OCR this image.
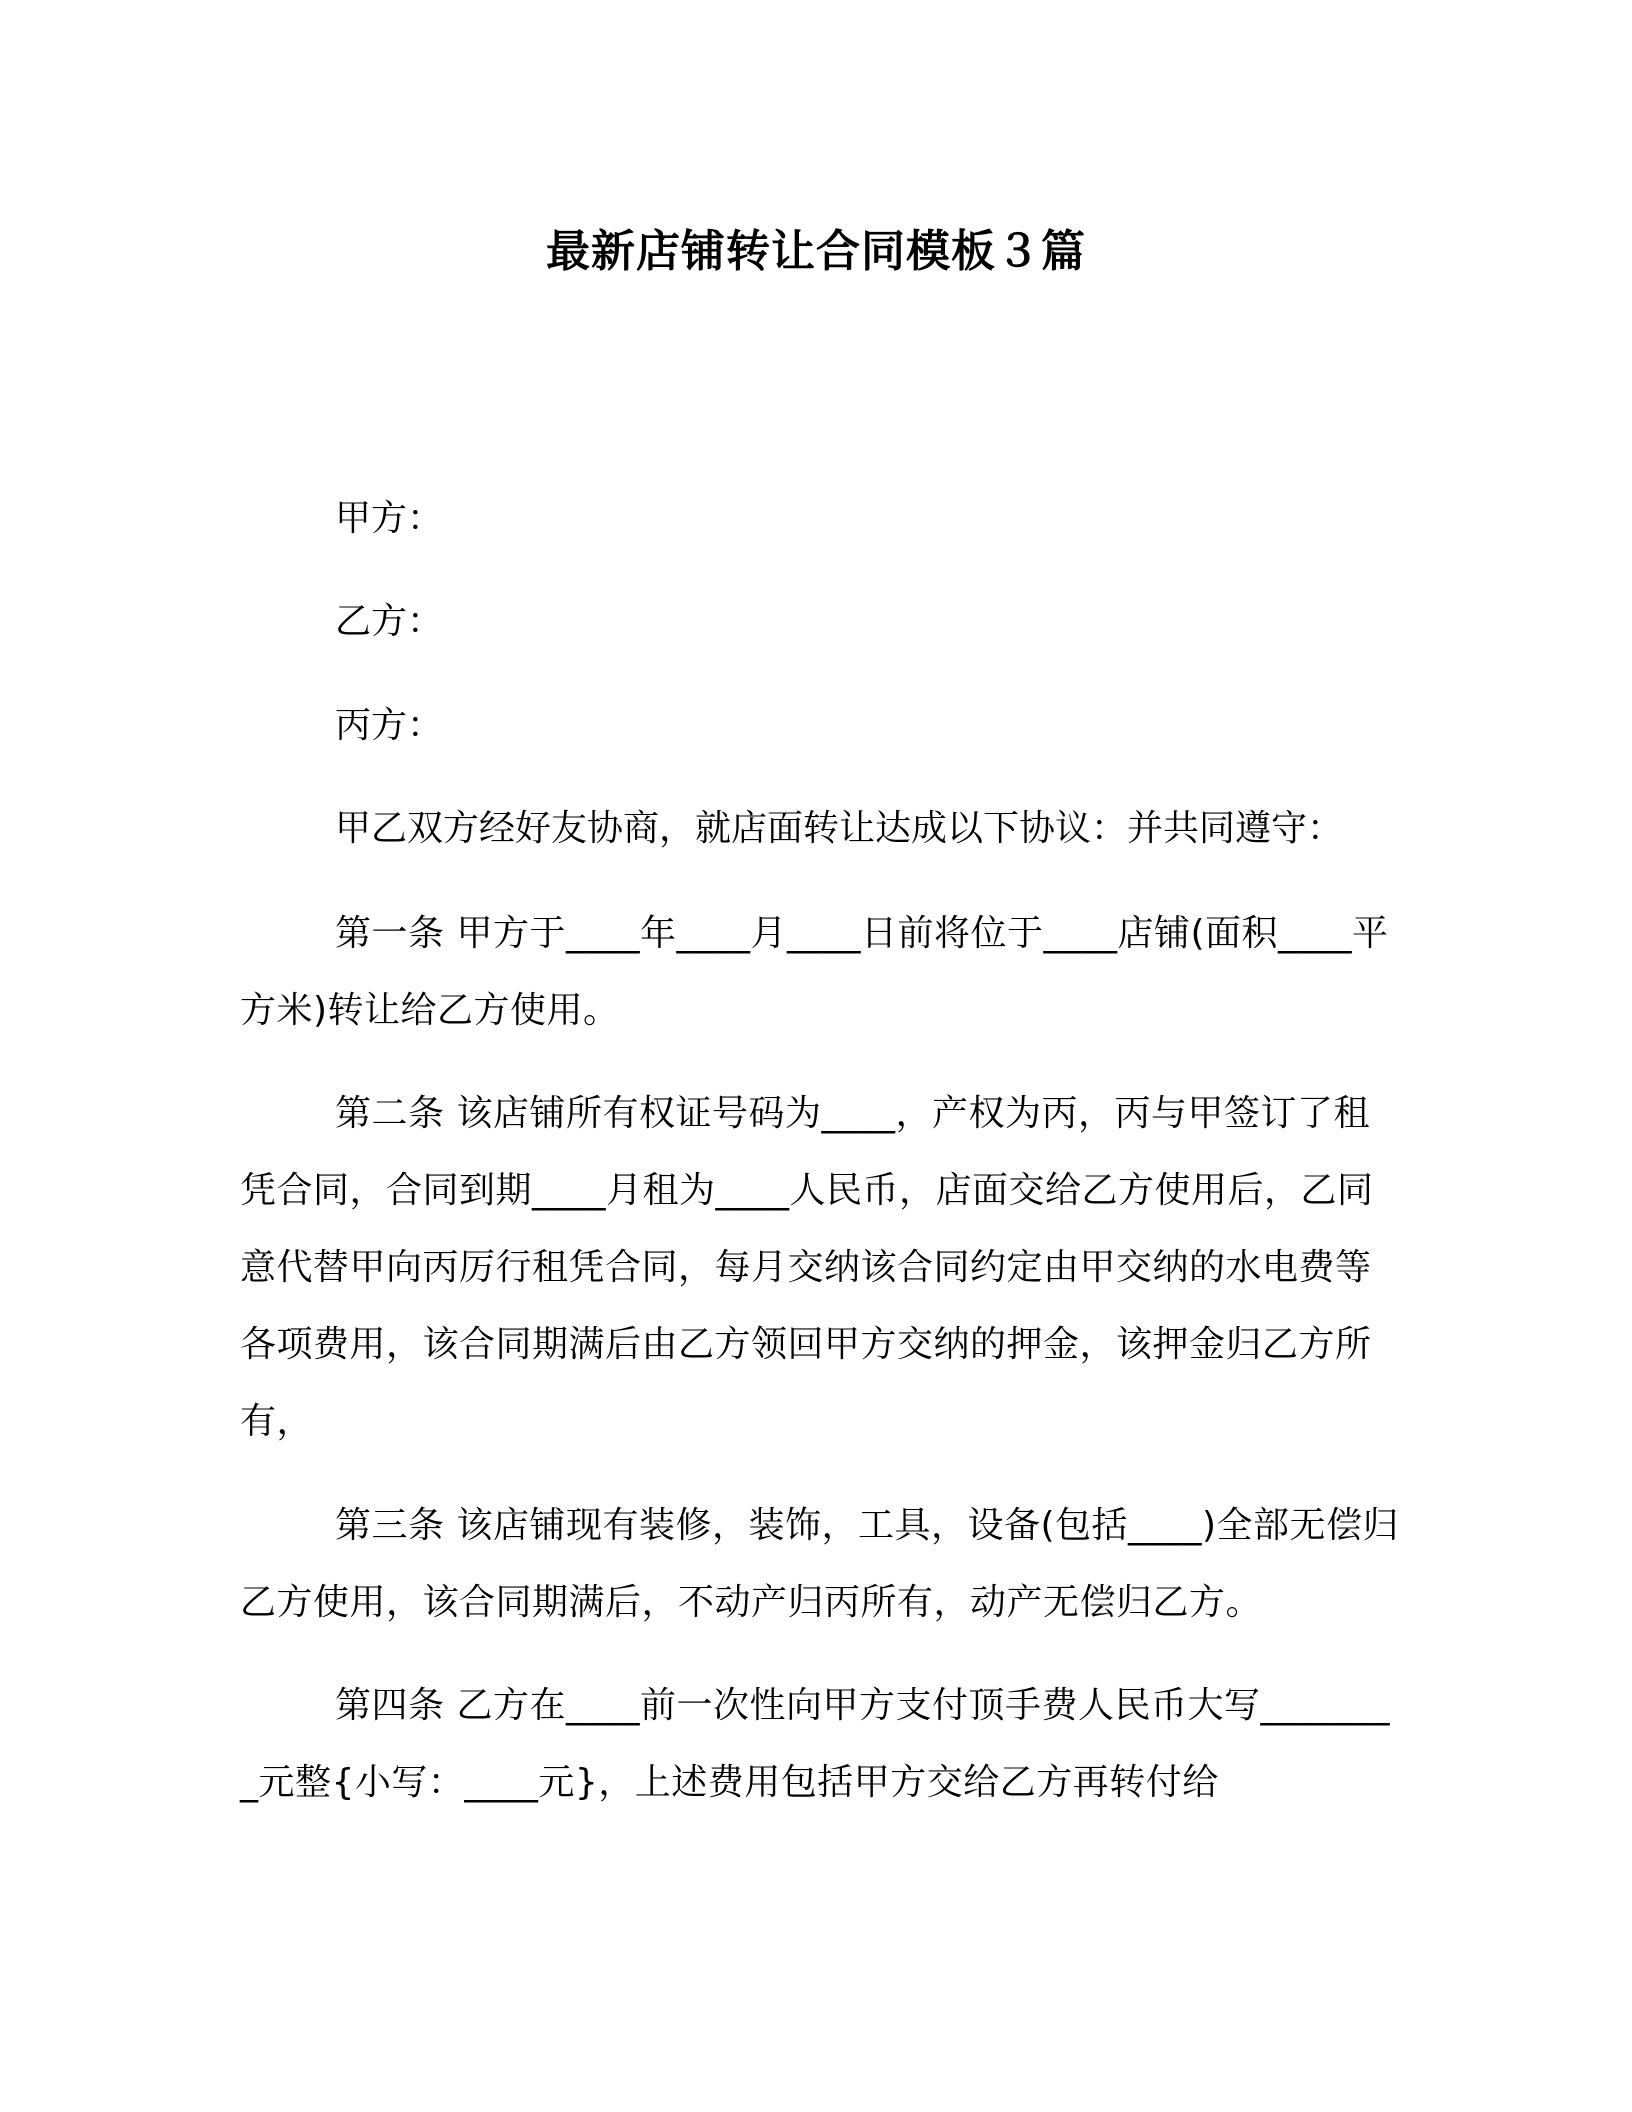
最新店铺转让合同模板３篇
甲方：
乙方：
丙方：
甲乙双方经好友协商，就店面转让达成以下协议：并共同遵守：
第一条 甲方于____年____月____日前将位于____店铺(面积____平方米)转让给乙方使用。
第二条 该店铺所有权证号码为____，产权为丙，丙与甲签订了租凭合同，合同到期____月租为____人民币，店面交给乙方使用后，乙同意代替甲向丙厉行租凭合同，每月交纳该合同约定由甲交纳的水电费等各项费用，该合同期满后由乙方领回甲方交纳的押金，该押金归乙方所有，
第三条 该店铺现有装修，装饰，工具，设备(包括____)全部无偿归乙方使用，该合同期满后，不动产归丙所有，动产无偿归乙方。
第四条 乙方在____前一次性向甲方支付顶手费人民币大写________元整{小写：____元}，上述费用包括甲方交给乙方再转付给
